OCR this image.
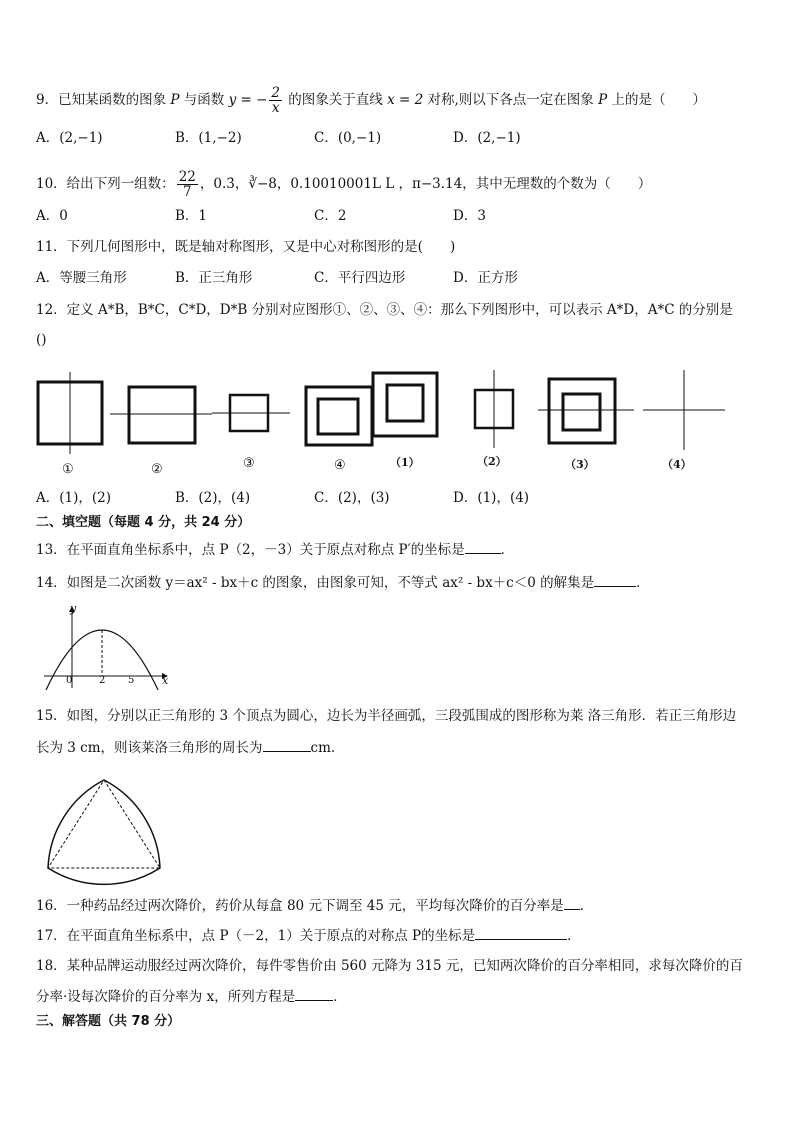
9．已知某函数的图象 P 与函数 y = − $\frac{2}{x}$ 的图象关于直线 x = 2 对称,则以下各点一定在图象 P 上的是（　　）
A．(2,−1)	B．(1,−2)	C．(0,−1)	D．(2,−1)
10．给出下列一组数： $\frac{22}{7}$ ，0.3̇，∛−8，0.10010001L L ，π−3.14，其中无理数的个数为（　　）
A．0	B．1	C．2	D．3
11．下列几何图形中，既是轴对称图形，又是中心对称图形的是(　　)
A．等腰三角形	B．正三角形	C．平行四边形	D．正方形
12．定义 A*B，B*C，C*D，D*B 分别对应图形①、②、③、④：那么下列图形中，可以表示 A*D，A*C 的分别是
()
①	②	③	④	（1）	（2）	（3）	（4）
A．(1)，(2)	B．(2)，(4)	C．(2)，(3)	D．(1)，(4)
二、填空题（每题 4 分，共 24 分）
13．在平面直角坐标系中，点 P（2，－3）关于原点对称点 P′的坐标是	．
14．如图是二次函数 y＝ax² - bx＋c 的图象，由图象可知，不等式 ax² - bx＋c＜0 的解集是	．
y
x
0	2 5
15．如图，分别以正三角形的 3 个顶点为圆心，边长为半径画弧，三段弧围成的图形称为莱 洛三角形．若正三角形边
长为 3 cm，则该莱洛三角形的周长为	cm.
16．一种药品经过两次降价，药价从每盒 80 元下调至 45 元，平均每次降价的百分率是 ．
17．在平面直角坐标系中，点 P（－2，1）关于原点的对称点 P的坐标是	．
18．某种品牌运动服经过两次降价，每件零售价由 560 元降为 315 元，已知两次降价的百分率相同，求每次降价的百
分率·设每次降价的百分率为 x，所列方程是	．
三、解答题（共 78 分）
